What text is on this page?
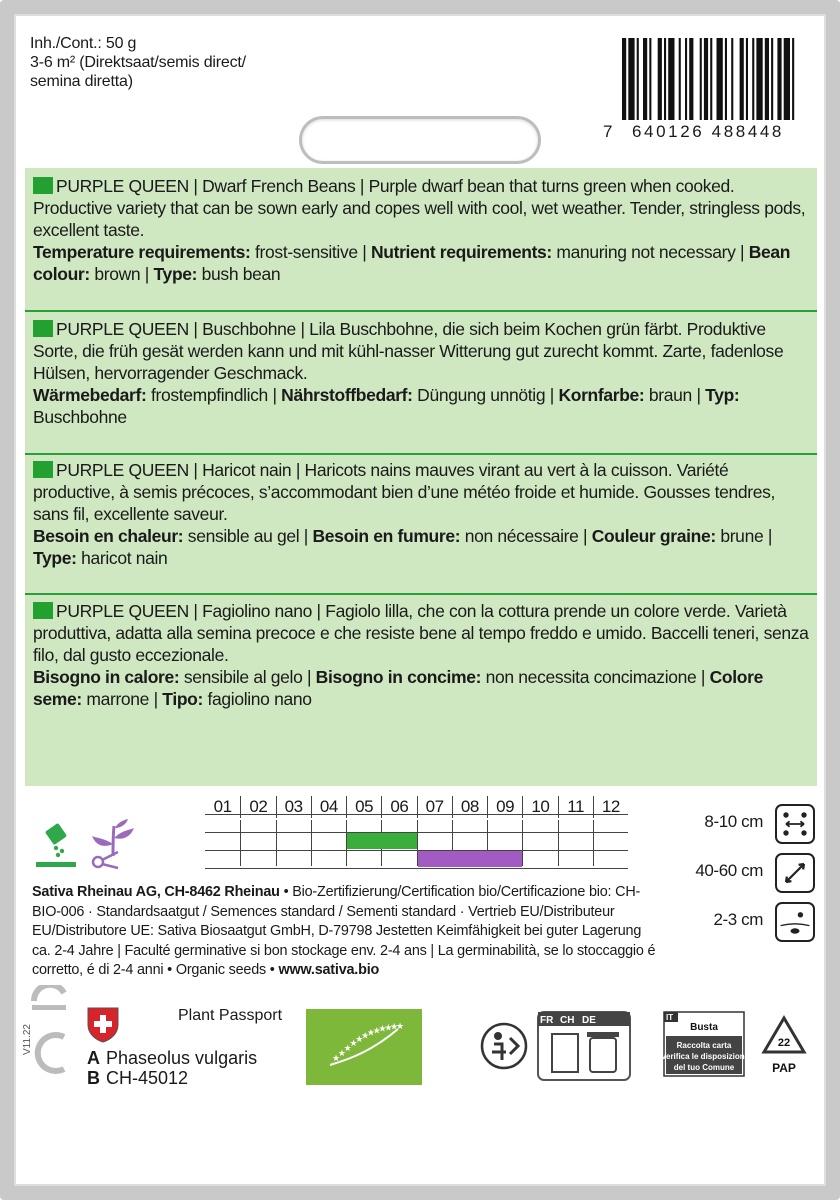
Inh./Cont.: 50 g
3-6 m² (Direktsaat/semis direct/
semina diretta)
7 640126 488448
PURPLE QUEEN | Dwarf French Beans | Purple dwarf bean that turns green when cooked. Productive variety that can be sown early and copes well with cool, wet weather. Tender, stringless pods, excellent taste.
Temperature requirements: frost-sensitive | Nutrient requirements: manuring not necessary | Bean colour: brown | Type: bush bean
PURPLE QUEEN | Buschbohne | Lila Buschbohne, die sich beim Kochen grün färbt. Produktive Sorte, die früh gesät werden kann und mit kühl-nasser Witterung gut zurecht kommt. Zarte, fadenlose Hülsen, hervorragender Geschmack.
Wärmebedarf: frostempfindlich | Nährstoffbedarf: Düngung unnötig | Kornfarbe: braun | Typ: Buschbohne
PURPLE QUEEN | Haricot nain | Haricots nains mauves virant au vert à la cuisson. Variété productive, à semis précoces, s’accommodant bien d’une météo froide et humide. Gousses tendres, sans fil, excellente saveur.
Besoin en chaleur: sensible au gel | Besoin en fumure: non nécessaire | Couleur graine: brune | Type: haricot nain
PURPLE QUEEN | Fagiolino nano | Fagiolo lilla, che con la cottura prende un colore verde. Varietà produttiva, adatta alla semina precoce e che resiste bene al tempo freddo e umido. Baccelli teneri, senza filo, dal gusto eccezionale.
Bisogno in calore: sensibile al gelo | Bisogno in concime: non necessita concimazione | Colore seme: marrone | Tipo: fagiolino nano
01	02	03	04	05	06	07	08	09	10	11	12
8-10 cm
40-60 cm
2-3 cm
Sativa Rheinau AG, CH-8462 Rheinau • Bio-Zertifizierung/Certification bio/Certificazione bio: CH-BIO-006 · Standardsaatgut / Semences standard / Sementi standard · Vertrieb EU/Distributeur EU/Distributore UE: Sativa Biosaatgut GmbH, D-79798 Jestetten Keimfähigkeit bei guter Lagerung ca. 2-4 Jahre | Faculté germinative si bon stockage env. 2-4 ans | La germinabilità, se lo stoccaggio é corretto, é di 2-4 anni • Organic seeds • www.sativa.bio
V11.22
Plant Passport
A Phaseolus vulgaris
B CH-45012
★
★
★
★
★
★
★
★
★
★
★
★
FR CH DE	IT
Busta
Raccolta carta
Verifica le disposizioni
del tuo Comune
22
PAP
